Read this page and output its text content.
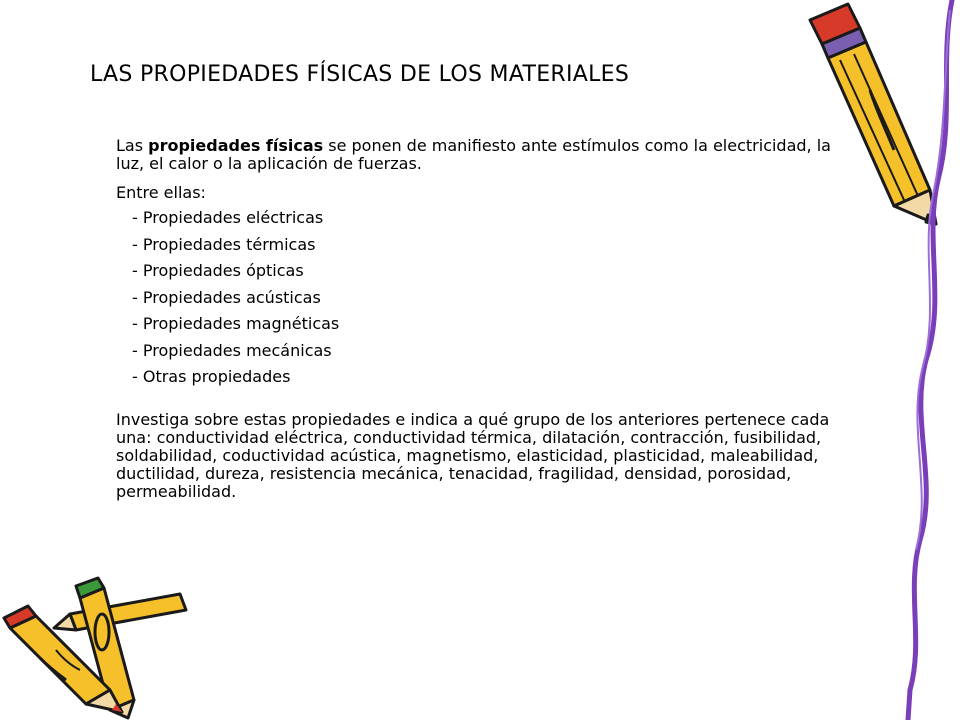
LAS PROPIEDADES FÍSICAS DE LOS MATERIALES

Las propiedades físicas se ponen de manifiesto ante estímulos como la electricidad, la luz, el calor o la aplicación de fuerzas.

Entre ellas:
- Propiedades eléctricas
- Propiedades térmicas
- Propiedades ópticas
- Propiedades acústicas
- Propiedades magnéticas
- Propiedades mecánicas
- Otras propiedades

Investiga sobre estas propiedades e indica a qué grupo de los anteriores pertenece cada una: conductividad eléctrica, conductividad térmica, dilatación, contracción, fusibilidad, soldabilidad, coductividad acústica, magnetismo, elasticidad, plasticidad, maleabilidad, ductilidad, dureza, resistencia mecánica, tenacidad, fragilidad, densidad, porosidad, permeabilidad.
